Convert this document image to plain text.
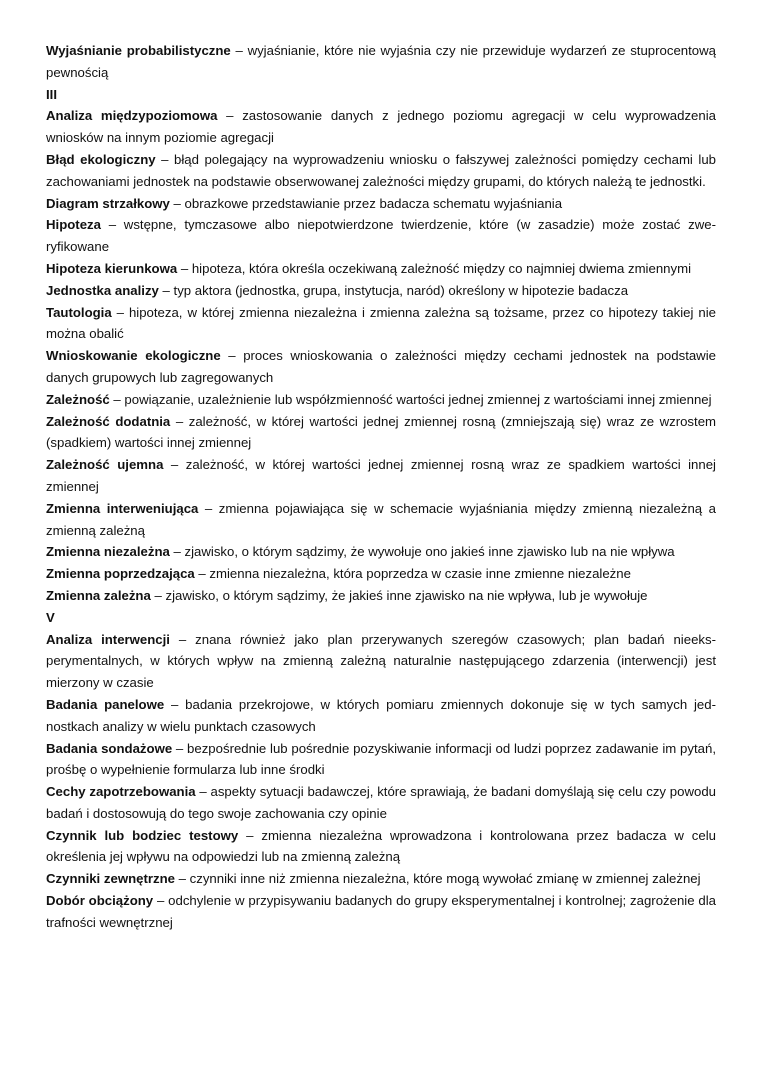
Wyjaśnianie probabilistyczne – wyjaśnianie, które nie wyjaśnia czy nie przewiduje wydarzeń ze stuprocentową pewnością

III

Analiza międzypoziomowa – zastosowanie danych z jednego poziomu agregacji w celu wyprowadzenia wniosków na innym poziomie agregacji

Błąd ekologiczny – błąd polegający na wyprowadzeniu wniosku o fałszywej zależności pomiędzy cechami lub zachowaniami jednostek na podstawie obserwowanej zależności między grupami, do których należą te jednostki.

Diagram strzałkowy – obrazkowe przedstawianie przez badacza schematu wyjaśniania

Hipoteza – wstępne, tymczasowe albo niepotwierdzone twierdzenie, które (w zasadzie) może zostać zweryfikowane

Hipoteza kierunkowa – hipoteza, która określa oczekiwaną zależność między co najmniej dwiema zmiennymi

Jednostka analizy – typ aktora (jednostka, grupa, instytucja, naród) określony w hipotezie badacza

Tautologia – hipoteza, w której zmienna niezależna i zmienna zależna są tożsame, przez co hipotezy takiej nie można obalić

Wnioskowanie ekologiczne – proces wnioskowania o zależności między cechami jednostek na podstawie danych grupowych lub zagregowanych

Zależność – powiązanie, uzależnienie lub współzmienność wartości jednej zmiennej z wartościami innej zmiennej

Zależność dodatnia – zależność, w której wartości jednej zmiennej rosną (zmniejszają się) wraz ze wzrostem (spadkiem) wartości innej zmiennej

Zależność ujemna – zależność, w której wartości jednej zmiennej rosną wraz ze spadkiem wartości innej zmiennej

Zmienna interweniująca – zmienna pojawiająca się w schemacie wyjaśniania między zmienną niezależną a zmienną zależną

Zmienna niezależna – zjawisko, o którym sądzimy, że wywołuje ono jakieś inne zjawisko lub na nie wpływa

Zmienna poprzedzająca – zmienna niezależna, która poprzedza w czasie inne zmienne niezależne

Zmienna zależna – zjawisko, o którym sądzimy, że jakieś inne zjawisko na nie wpływa, lub je wywołuje

V

Analiza interwencji – znana również jako plan przerywanych szeregów czasowych; plan badań nieeksperymentalnych, w których wpływ na zmienną zależną naturalnie następującego zdarzenia (interwencji) jest mierzony w czasie

Badania panelowe – badania przekrojowe, w których pomiaru zmiennych dokonuje się w tych samych jednostkach analizy w wielu punktach czasowych

Badania sondażowe – bezpośrednie lub pośrednie pozyskiwanie informacji od ludzi poprzez zadawanie im pytań, prośbę o wypełnienie formularza lub inne środki

Cechy zapotrzebowania – aspekty sytuacji badawczej, które sprawiają, że badani domyślają się celu czy powodu badań i dostosowują do tego swoje zachowania czy opinie

Czynnik lub bodziec testowy – zmienna niezależna wprowadzona i kontrolowana przez badacza w celu określenia jej wpływu na odpowiedzi lub na zmienną zależną

Czynniki zewnętrzne – czynniki inne niż zmienna niezależna, które mogą wywołać zmianę w zmiennej zależnej

Dobór obciążony – odchylenie w przypisywaniu badanych do grupy eksperymentalnej i kontrolnej; zagrożenie dla trafności wewnętrznej
